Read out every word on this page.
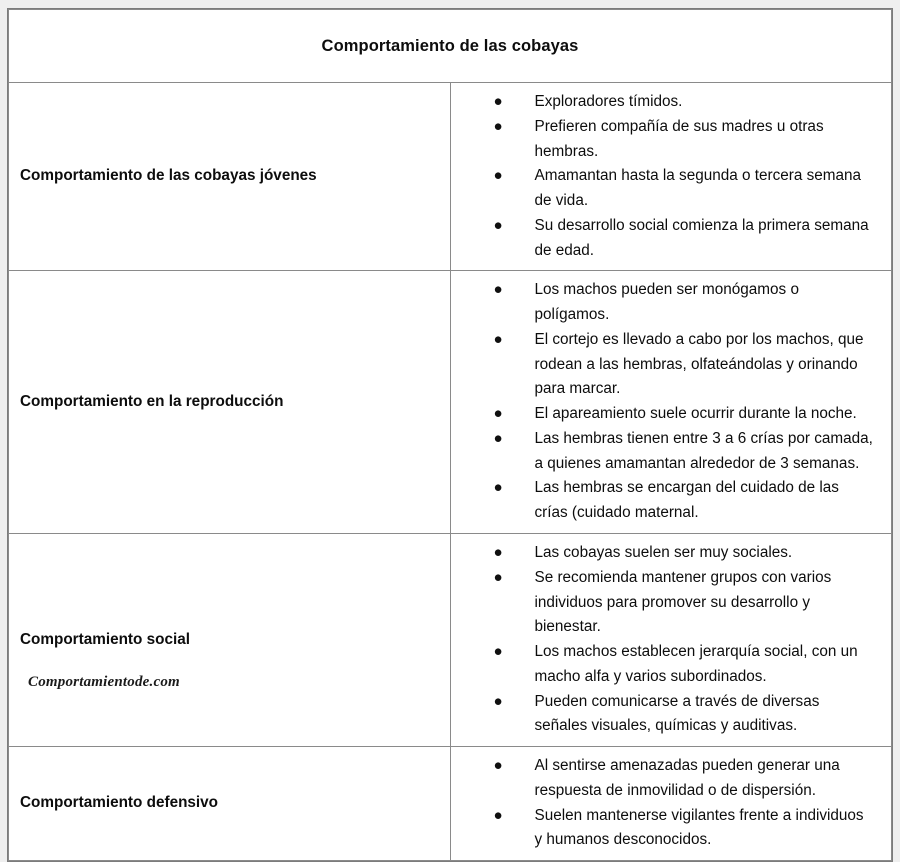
Comportamiento de las cobayas	
Comportamiento de las cobayas jóvenes	
● Exploradores tímidos.
● Prefieren compañía de sus madres u otras hembras.
● Amamantan hasta la segunda o tercera semana de vida.
● Su desarrollo social comienza la primera semana de edad.

Comportamiento en la reproducción	
● Los machos pueden ser monógamos o polígamos.
● El cortejo es llevado a cabo por los machos, que rodean a las hembras, olfateándolas y orinando para marcar.
● El apareamiento suele ocurrir durante la noche.
● Las hembras tienen entre 3 a 6 crías por camada, a quienes amamantan alrededor de 3 semanas.
● Las hembras se encargan del cuidado de las crías (cuidado maternal.

Comportamiento social	
● Las cobayas suelen ser muy sociales.
● Se recomienda mantener grupos con varios individuos para promover su desarrollo y bienestar.
● Los machos establecen jerarquía social, con un macho alfa y varios subordinados.
● Pueden comunicarse a través de diversas señales visuales, químicas y auditivas.

Comportamiento defensivo	
● Al sentirse amenazadas pueden generar una respuesta de inmovilidad o de dispersión.
● Suelen mantenerse vigilantes frente a individuos y humanos desconocidos.
Comportamientode.com
